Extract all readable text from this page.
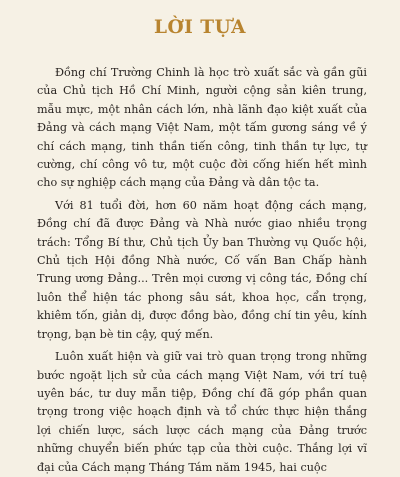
LỜI TỰA

Đồng chí Trường Chinh là học trò xuất sắc và gần gũi của Chủ tịch Hồ Chí Minh, người cộng sản kiên trung, mẫu mực, một nhân cách lớn, nhà lãnh đạo kiệt xuất của Đảng và cách mạng Việt Nam, một tấm gương sáng về ý chí cách mạng, tinh thần tiến công, tinh thần tự lực, tự cường, chí công vô tư, một cuộc đời cống hiến hết mình cho sự nghiệp cách mạng của Đảng và dân tộc ta.

Với 81 tuổi đời, hơn 60 năm hoạt động cách mạng, Đồng chí đã được Đảng và Nhà nước giao nhiều trọng trách: Tổng Bí thư, Chủ tịch Ủy ban Thường vụ Quốc hội, Chủ tịch Hội đồng Nhà nước, Cố vấn Ban Chấp hành Trung ương Đảng... Trên mọi cương vị công tác, Đồng chí luôn thể hiện tác phong sâu sát, khoa học, cẩn trọng, khiêm tốn, giản dị, được đồng bào, đồng chí tin yêu, kính trọng, bạn bè tin cậy, quý mến.

Luôn xuất hiện và giữ vai trò quan trọng trong những bước ngoặt lịch sử của cách mạng Việt Nam, với trí tuệ uyên bác, tư duy mẫn tiệp, Đồng chí đã góp phần quan trọng trong việc hoạch định và tổ chức thực hiện thắng lợi chiến lược, sách lược cách mạng của Đảng trước những chuyển biến phức tạp của thời cuộc. Thắng lợi vĩ đại của Cách mạng Tháng Tám năm 1945, hai cuộc
